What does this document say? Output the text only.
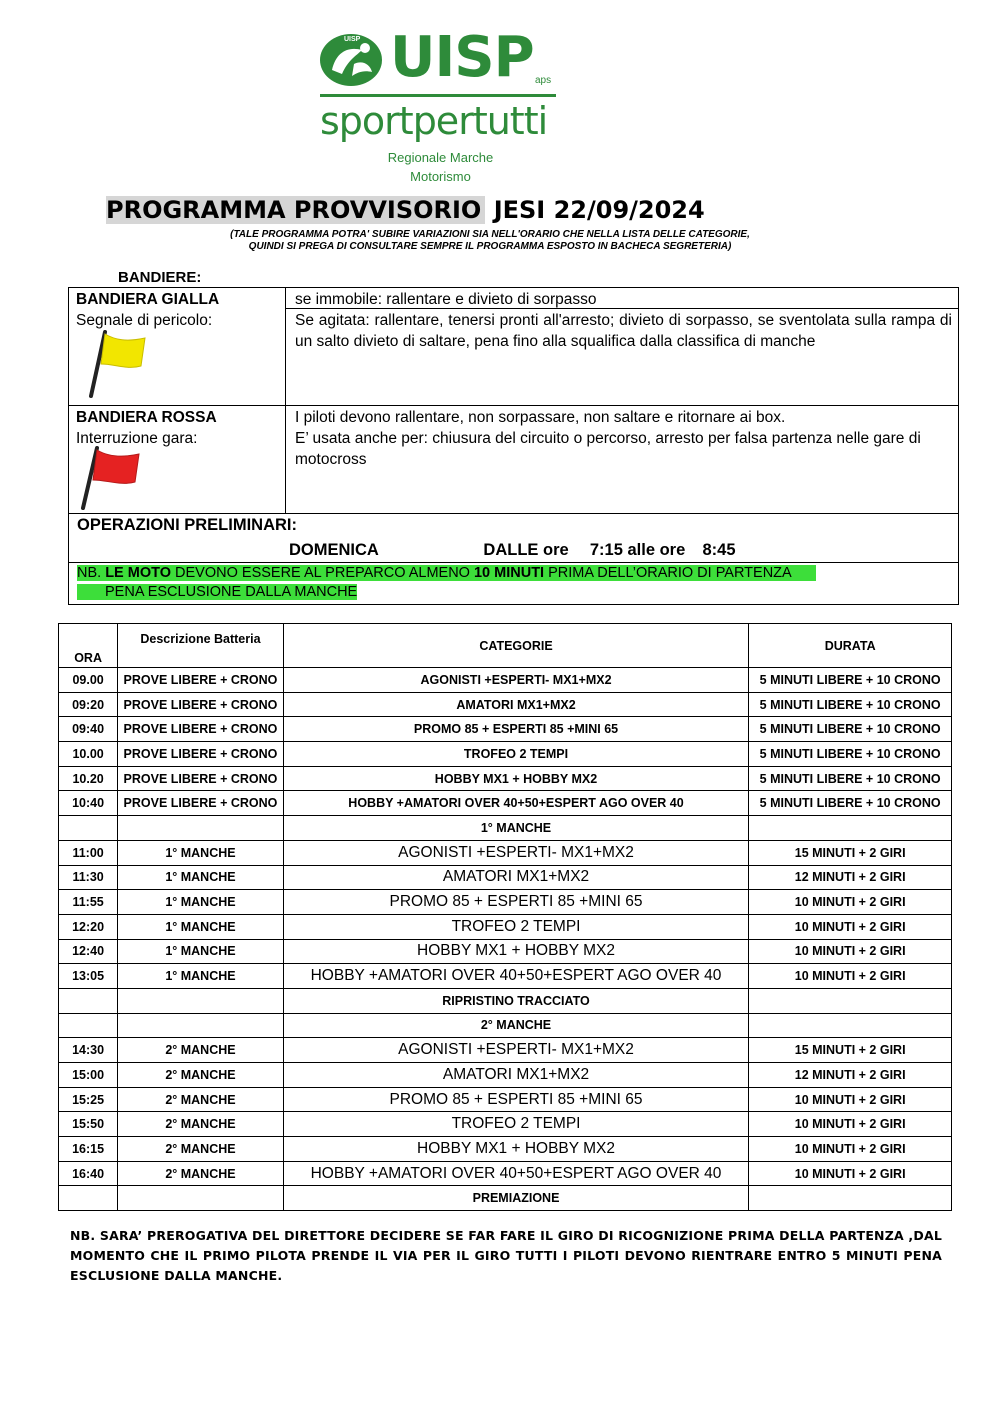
UISP UISP aps
sportpertutti
Regionale Marche
Motorismo
PROGRAMMA PROVVISORIO JESI 22/09/2024
(TALE PROGRAMMA POTRA' SUBIRE VARIAZIONI SIA NELL'ORARIO CHE NELLA LISTA DELLE CATEGORIE,
QUINDI SI PREGA DI CONSULTARE SEMPRE IL PROGRAMMA ESPOSTO IN BACHECA SEGRETERIA)
BANDIERE:
BANDIERA GIALLA
Segnale di pericolo:
se immobile: rallentare e divieto di sorpasso
Se agitata: rallentare, tenersi pronti all'arresto; divieto di sorpasso, se sventolata sulla rampa di un salto divieto di saltare, pena fino alla squalifica dalla classifica di manche
BANDIERA ROSSA
Interruzione gara:
I piloti devono rallentare, non sorpassare, non saltare e ritornare ai box.
E’ usata anche per: chiusura del circuito o percorso, arresto per falsa partenza nelle gare di motocross
OPERAZIONI PRELIMINARI:
DOMENICA	DALLE ore 7:15 alle ore 8:45
NB. LE MOTO DEVONO ESSERE AL PREPARCO ALMENO 10 MINUTI PRIMA DELL’ORARIO DI PARTENZA
PENA ESCLUSIONE DALLA MANCHE
ORA	Descrizione Batteria	CATEGORIE	DURATA
09.00	PROVE LIBERE + CRONO	AGONISTI +ESPERTI- MX1+MX2	5 MINUTI LIBERE + 10 CRONO
09:20	PROVE LIBERE + CRONO	AMATORI MX1+MX2	5 MINUTI LIBERE + 10 CRONO
09:40	PROVE LIBERE + CRONO	PROMO 85 + ESPERTI 85 +MINI 65	5 MINUTI LIBERE + 10 CRONO
10.00	PROVE LIBERE + CRONO	TROFEO 2 TEMPI	5 MINUTI LIBERE + 10 CRONO
10.20	PROVE LIBERE + CRONO	HOBBY MX1 + HOBBY MX2	5 MINUTI LIBERE + 10 CRONO
10:40	PROVE LIBERE + CRONO	HOBBY +AMATORI OVER 40+50+ESPERT AGO OVER 40	5 MINUTI LIBERE + 10 CRONO
		1° MANCHE	
11:00	1° MANCHE	AGONISTI +ESPERTI- MX1+MX2	15 MINUTI + 2 GIRI
11:30	1° MANCHE	AMATORI MX1+MX2	12 MINUTI + 2 GIRI
11:55	1° MANCHE	PROMO 85 + ESPERTI 85 +MINI 65	10 MINUTI + 2 GIRI
12:20	1° MANCHE	TROFEO 2 TEMPI	10 MINUTI + 2 GIRI
12:40	1° MANCHE	HOBBY MX1 + HOBBY MX2	10 MINUTI + 2 GIRI
13:05	1° MANCHE	HOBBY +AMATORI OVER 40+50+ESPERT AGO OVER 40	10 MINUTI + 2 GIRI
		RIPRISTINO TRACCIATO	
		2° MANCHE	
14:30	2° MANCHE	AGONISTI +ESPERTI- MX1+MX2	15 MINUTI + 2 GIRI
15:00	2° MANCHE	AMATORI MX1+MX2	12 MINUTI + 2 GIRI
15:25	2° MANCHE	PROMO 85 + ESPERTI 85 +MINI 65	10 MINUTI + 2 GIRI
15:50	2° MANCHE	TROFEO 2 TEMPI	10 MINUTI + 2 GIRI
16:15	2° MANCHE	HOBBY MX1 + HOBBY MX2	10 MINUTI + 2 GIRI
16:40	2° MANCHE	HOBBY +AMATORI OVER 40+50+ESPERT AGO OVER 40	10 MINUTI + 2 GIRI
		PREMIAZIONE	
NB. SARA’ PREROGATIVA DEL DIRETTORE DECIDERE SE FAR FARE IL GIRO DI RICOGNIZIONE PRIMA DELLA PARTENZA ,DAL MOMENTO CHE IL PRIMO PILOTA PRENDE IL VIA PER IL GIRO TUTTI I PILOTI DEVONO RIENTRARE ENTRO 5 MINUTI PENA ESCLUSIONE DALLA MANCHE.
